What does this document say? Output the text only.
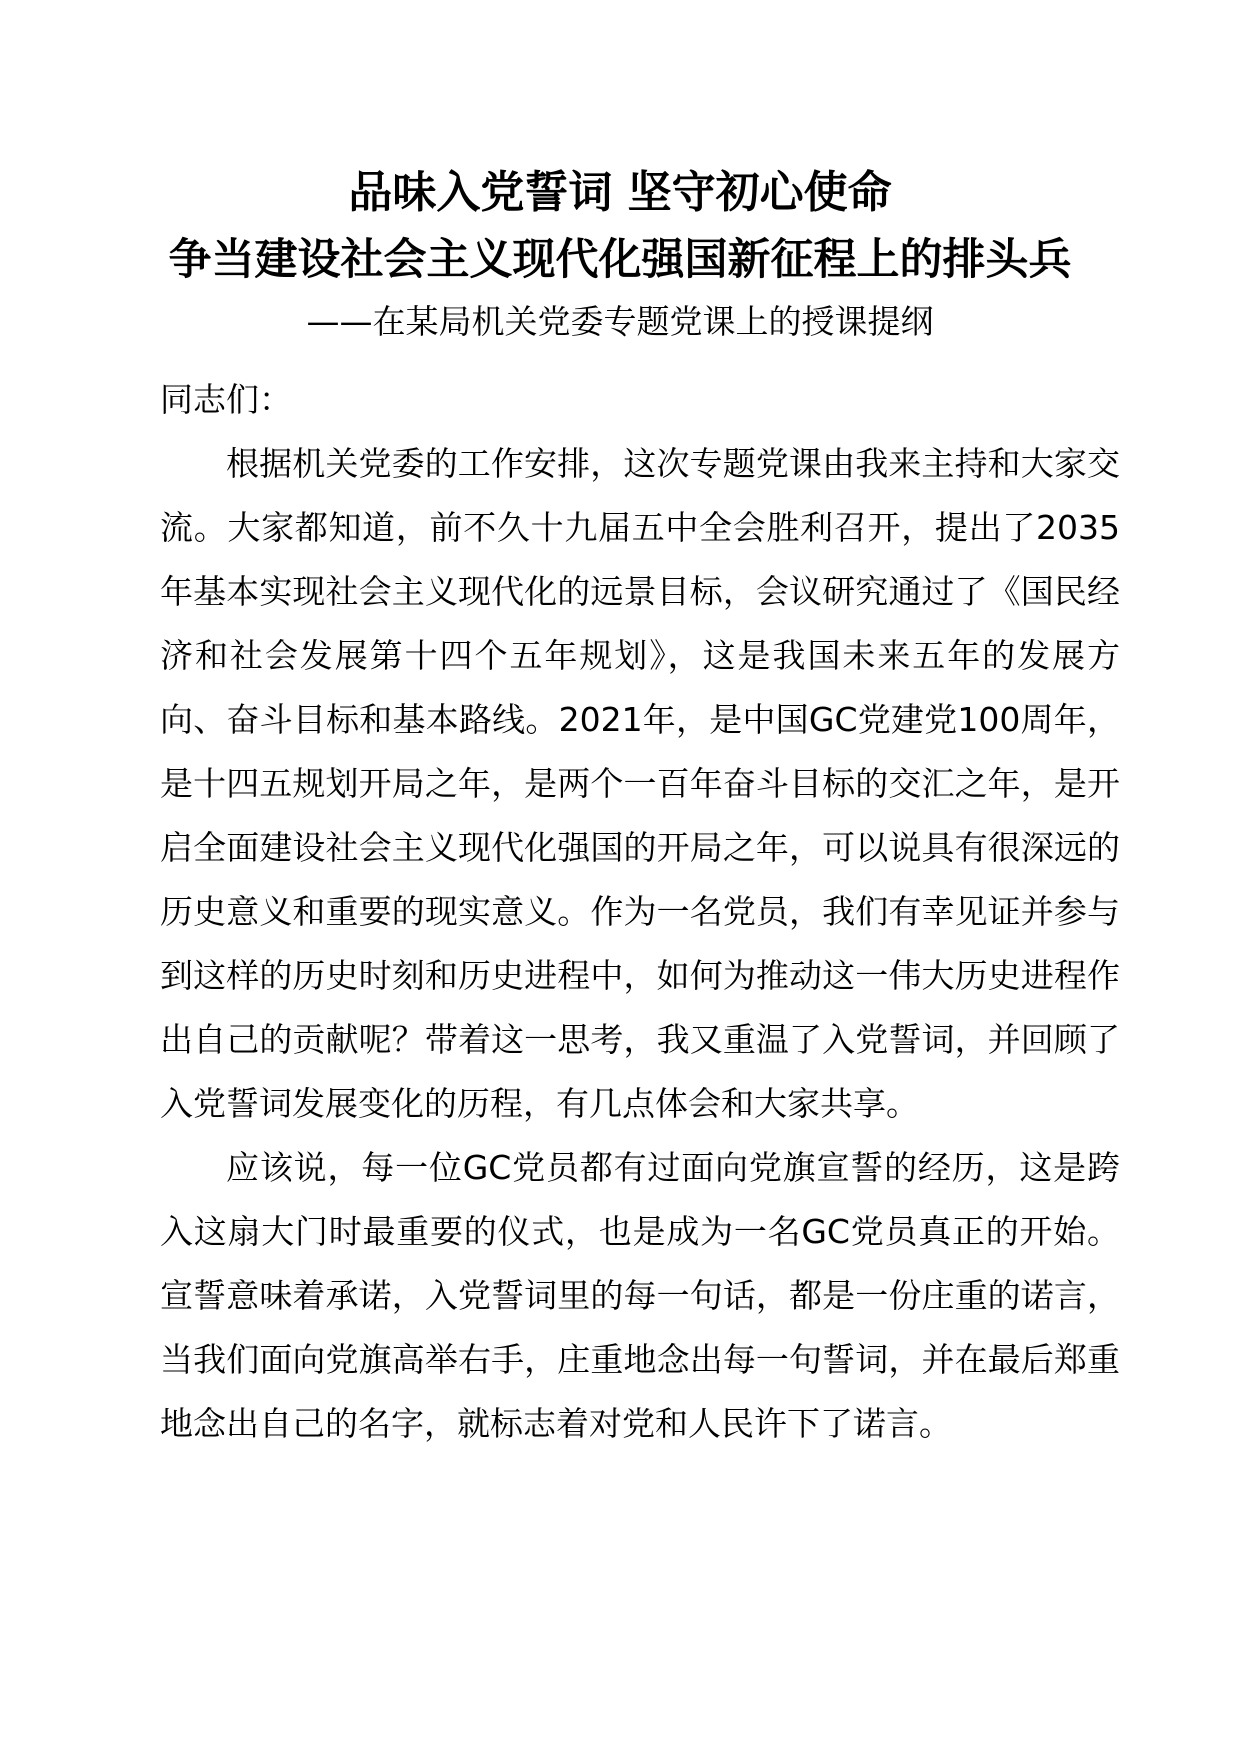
品味入党誓词 坚守初心使命
争当建设社会主义现代化强国新征程上的排头兵
——在某局机关党委专题党课上的授课提纲

同志们：

根据机关党委的工作安排，这次专题党课由我来主持和大家交流。大家都知道，前不久十九届五中全会胜利召开，提出了2035年基本实现社会主义现代化的远景目标，会议研究通过了《国民经济和社会发展第十四个五年规划》，这是我国未来五年的发展方向、奋斗目标和基本路线。2021年，是中国GC党建党100周年，是十四五规划开局之年，是两个一百年奋斗目标的交汇之年，是开启全面建设社会主义现代化强国的开局之年，可以说具有很深远的历史意义和重要的现实意义。作为一名党员，我们有幸见证并参与到这样的历史时刻和历史进程中，如何为推动这一伟大历史进程作出自己的贡献呢？带着这一思考，我又重温了入党誓词，并回顾了入党誓词发展变化的历程，有几点体会和大家共享。

应该说，每一位GC党员都有过面向党旗宣誓的经历，这是跨入这扇大门时最重要的仪式，也是成为一名GC党员真正的开始。宣誓意味着承诺，入党誓词里的每一句话，都是一份庄重的诺言，当我们面向党旗高举右手，庄重地念出每一句誓词，并在最后郑重地念出自己的名字，就标志着对党和人民许下了诺言。
